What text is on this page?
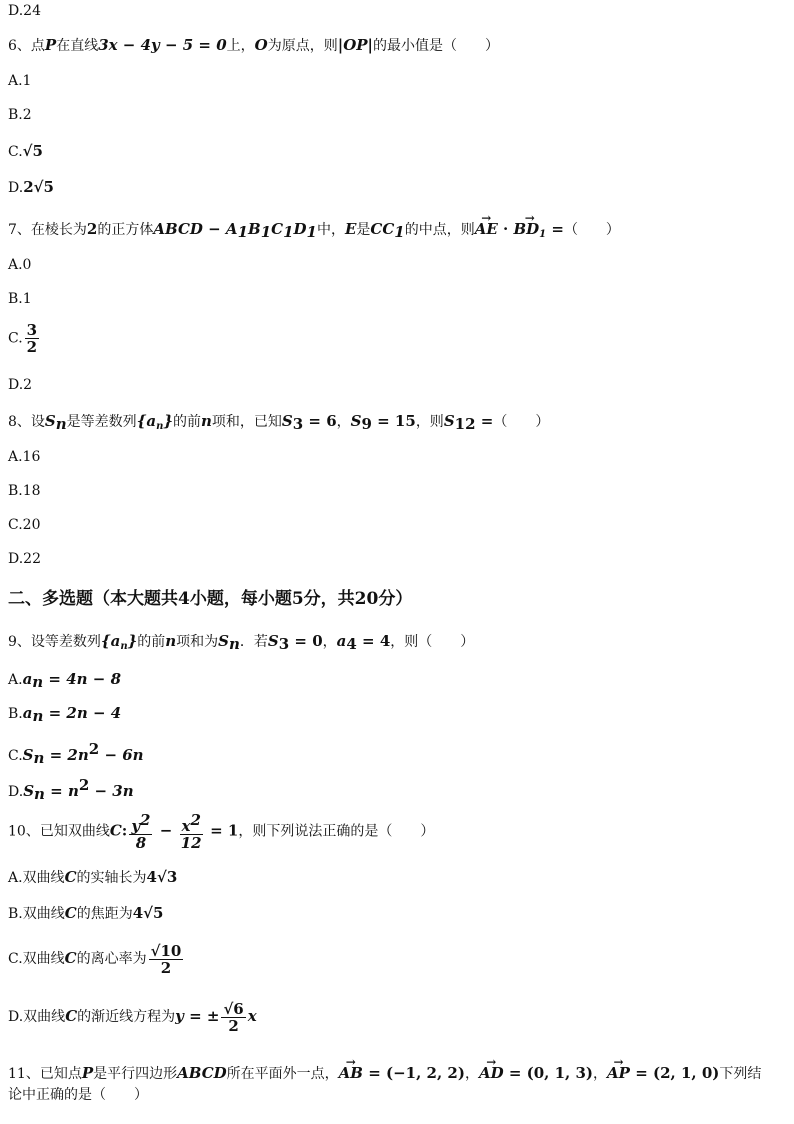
D.24
6、点P在直线3x − 4y − 5 = 0上，O为原点，则|OP|的最小值是（　　）
A.1
B.2
C.√5
D.2√5
7、在棱长为2的正方体ABCD − $A_1B_1C_1D_1$中，E是$CC_1$的中点，则→ AE · → $BD_1$ =（　　）
A.0
B.1
C. $\frac{3}{2}$
D.2
8、设$S_n$是等差数列$\{a_n\}$的前n项和，已知$S_3 = 6$，$S_9 = 15$，则$S_{12}$ =（　　）
A.16
B.18
C.20
D.22
二、多选题（本大题共4小题，每小题5分，共20分）
9、设等差数列$\{a_n\}$的前n项和为$S_n$．若$S_3 = 0$，$a_4 = 4$，则（　　）
$A.a_n = 4n - 8$
$B.a_n = 2n - 4$
$C.S_n = 2n^2 - 6n$
$D.S_n = n^2 - 3n$
10、已知双曲线C: $\frac{y^2}{8} - \frac{x^2}{12} = 1$，则下列说法正确的是（　　）
A.双曲线C的实轴长为4√3
B.双曲线C的焦距为4√5
C.双曲线C的离心率为 $\frac{√10}{2}$
D.双曲线C的渐近线方程为y = ± $\frac{√6}{2}$ x
11、已知点P是平行四边形ABCD所在平面外一点，→ AB = (−1, 2, 2)，→ AD = (0, 1, 3)，→ AP = (2, 1, 0)下列结
论中正确的是（　　）
